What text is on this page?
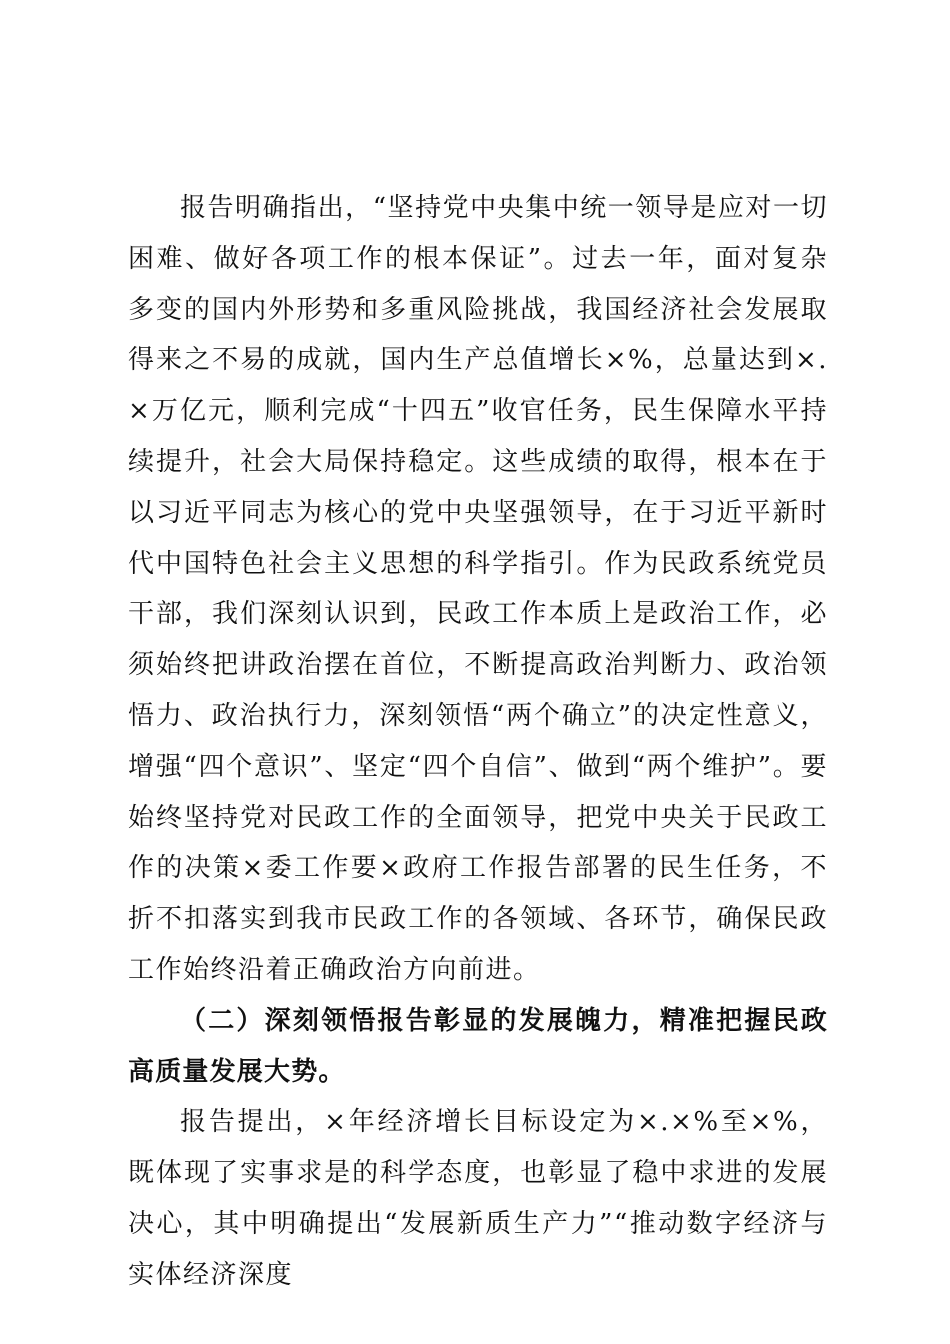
报告明确指出，“坚持党中央集中统一领导是应对一切困难、做好各项工作的根本保证”。过去一年，面对复杂多变的国内外形势和多重风险挑战，我国经济社会发展取得来之不易的成就，国内生产总值增长×%，总量达到×.×万亿元，顺利完成“十四五”收官任务，民生保障水平持续提升，社会大局保持稳定。这些成绩的取得，根本在于以习近平同志为核心的党中央坚强领导，在于习近平新时代中国特色社会主义思想的科学指引。作为民政系统党员干部，我们深刻认识到，民政工作本质上是政治工作，必须始终把讲政治摆在首位，不断提高政治判断力、政治领悟力、政治执行力，深刻领悟“两个确立”的决定性意义，增强“四个意识”、坚定“四个自信”、做到“两个维护”。要始终坚持党对民政工作的全面领导，把党中央关于民政工作的决策×委工作要×政府工作报告部署的民生任务，不折不扣落实到我市民政工作的各领域、各环节，确保民政工作始终沿着正确政治方向前进。

（二）深刻领悟报告彰显的发展魄力，精准把握民政高质量发展大势。

报告提出，×年经济增长目标设定为×.×%至×%，既体现了实事求是的科学态度，也彰显了稳中求进的发展决心，其中明确提出“发展新质生产力”“推动数字经济与实体经济深度
